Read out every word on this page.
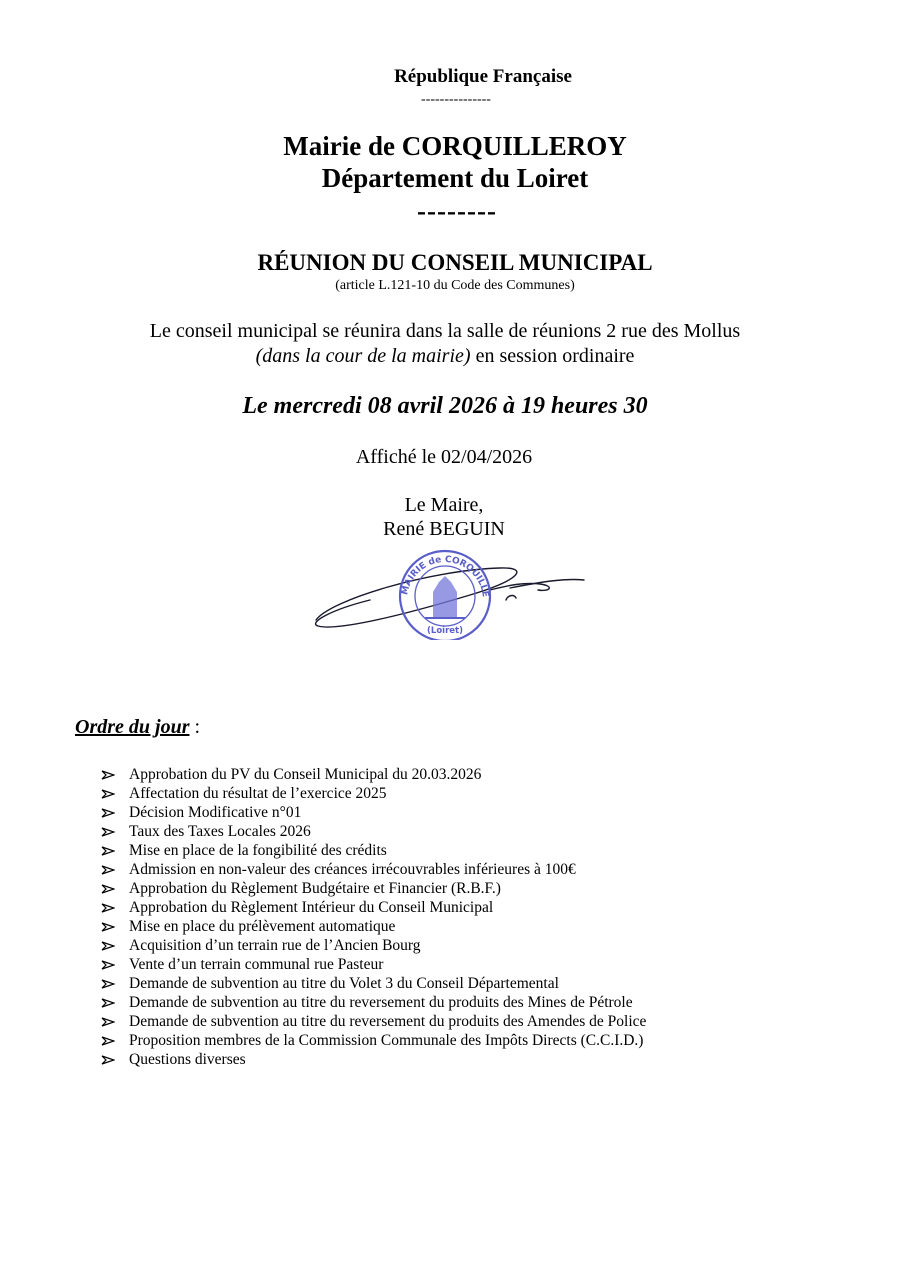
République Française
---------------
Mairie de CORQUILLEROY
Département du Loiret
--------
RÉUNION DU CONSEIL MUNICIPAL
(article L.121-10 du Code des Communes)
Le conseil municipal se réunira dans la salle de réunions 2 rue des Mollus
(dans la cour de la mairie) en session ordinaire
Le mercredi 08 avril 2026 à 19 heures 30
Affiché le 02/04/2026
Le Maire,
René BEGUIN
MAIRIE de CORQUILLE
(Loiret)
Ordre du jour :
Approbation du PV du Conseil Municipal du 20.03.2026
Affectation du résultat de l’exercice 2025
Décision Modificative n°01
Taux des Taxes Locales 2026
Mise en place de la fongibilité des crédits
Admission en non-valeur des créances irrécouvrables inférieures à 100€
Approbation du Règlement Budgétaire et Financier (R.B.F.)
Approbation du Règlement Intérieur du Conseil Municipal
Mise en place du prélèvement automatique
Acquisition d’un terrain rue de l’Ancien Bourg
Vente d’un terrain communal rue Pasteur
Demande de subvention au titre du Volet 3 du Conseil Départemental
Demande de subvention au titre du reversement du produits des Mines de Pétrole
Demande de subvention au titre du reversement du produits des Amendes de Police
Proposition membres de la Commission Communale des Impôts Directs (C.C.I.D.)
Questions diverses
